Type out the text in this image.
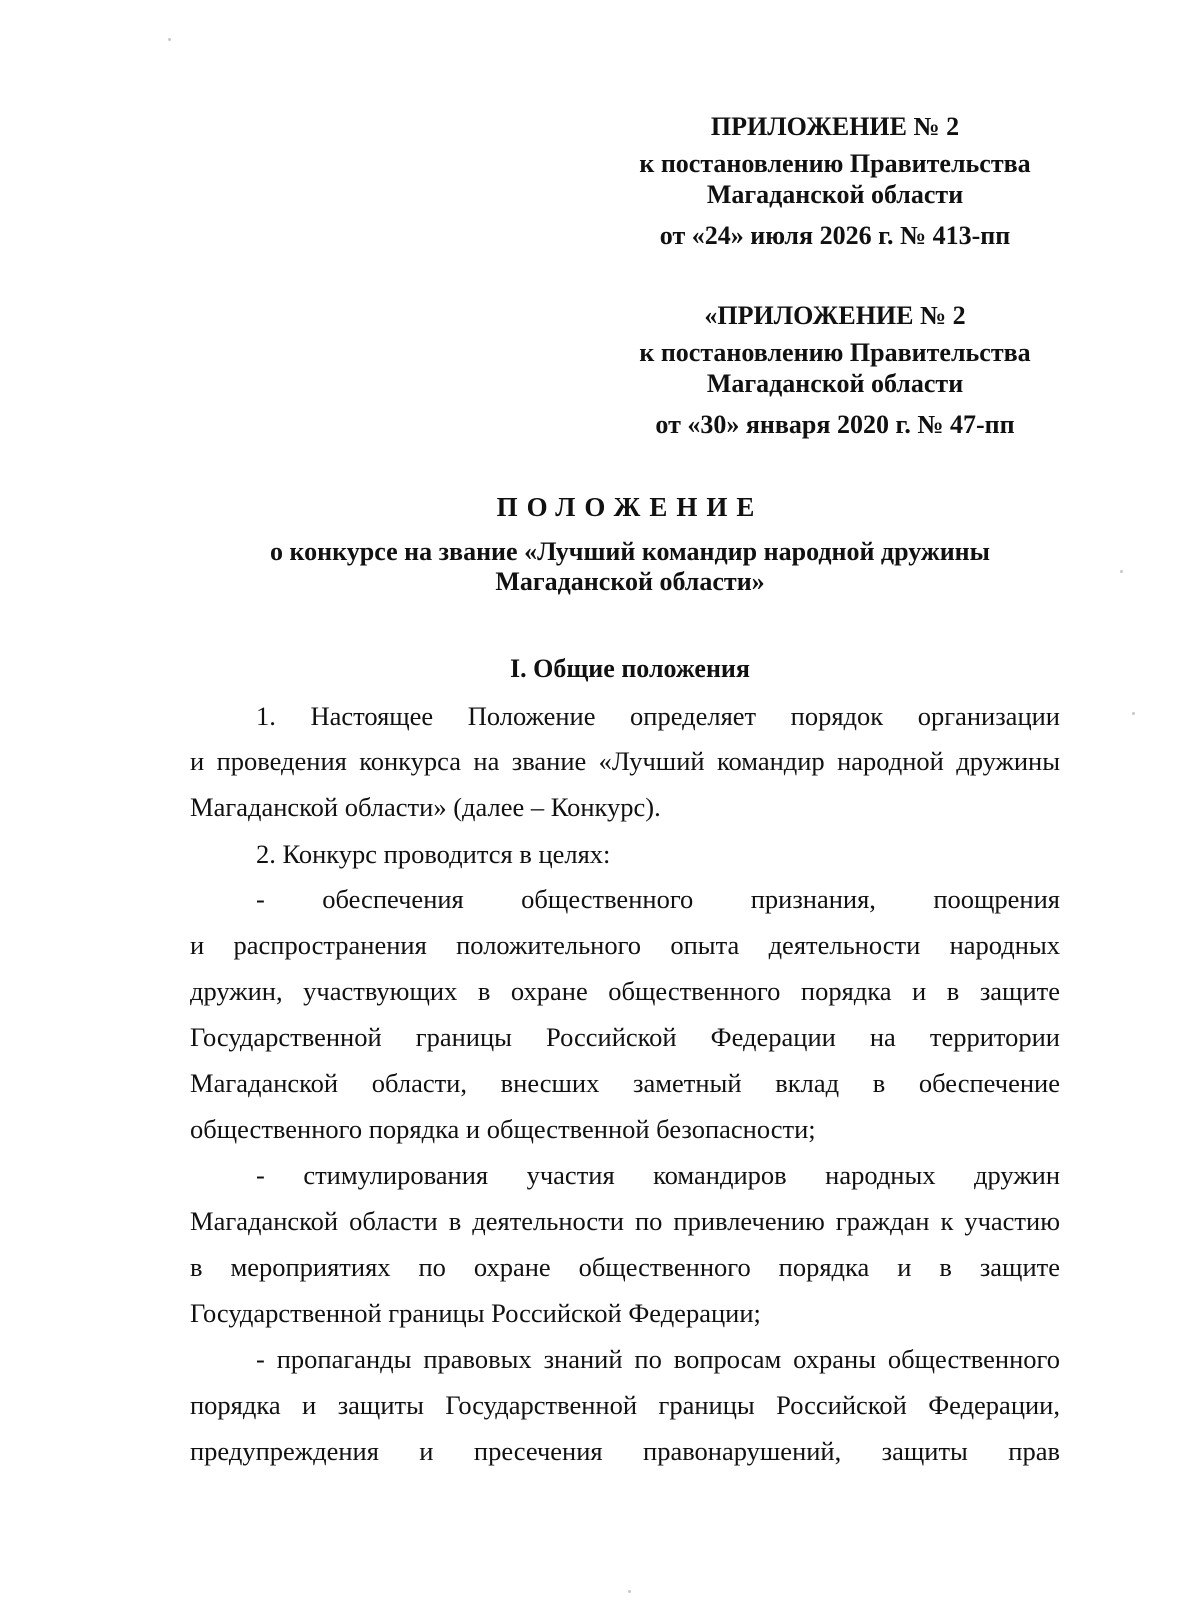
ПРИЛОЖЕНИЕ № 2
к постановлению Правительства
Магаданской области
от «24» июля 2026 г. № 413-пп
«ПРИЛОЖЕНИЕ № 2
к постановлению Правительства
Магаданской области
от «30» января 2020 г. № 47-пп
ПОЛОЖЕНИЕ
о конкурсе на звание «Лучший командир народной дружины
Магаданской области»
I. Общие положения
1. Настоящее Положение определяет порядок организации
и проведения конкурса на звание «Лучший командир народной дружины
Магаданской области» (далее – Конкурс).
2. Конкурс проводится в целях:
- обеспечения общественного признания, поощрения
и распространения положительного опыта деятельности народных
дружин, участвующих в охране общественного порядка и в защите
Государственной границы Российской Федерации на территории
Магаданской области, внесших заметный вклад в обеспечение
общественного порядка и общественной безопасности;
- стимулирования участия командиров народных дружин
Магаданской области в деятельности по привлечению граждан к участию
в мероприятиях по охране общественного порядка и в защите
Государственной границы Российской Федерации;
- пропаганды правовых знаний по вопросам охраны общественного
порядка и защиты Государственной границы Российской Федерации,
предупреждения и пресечения правонарушений, защиты прав
